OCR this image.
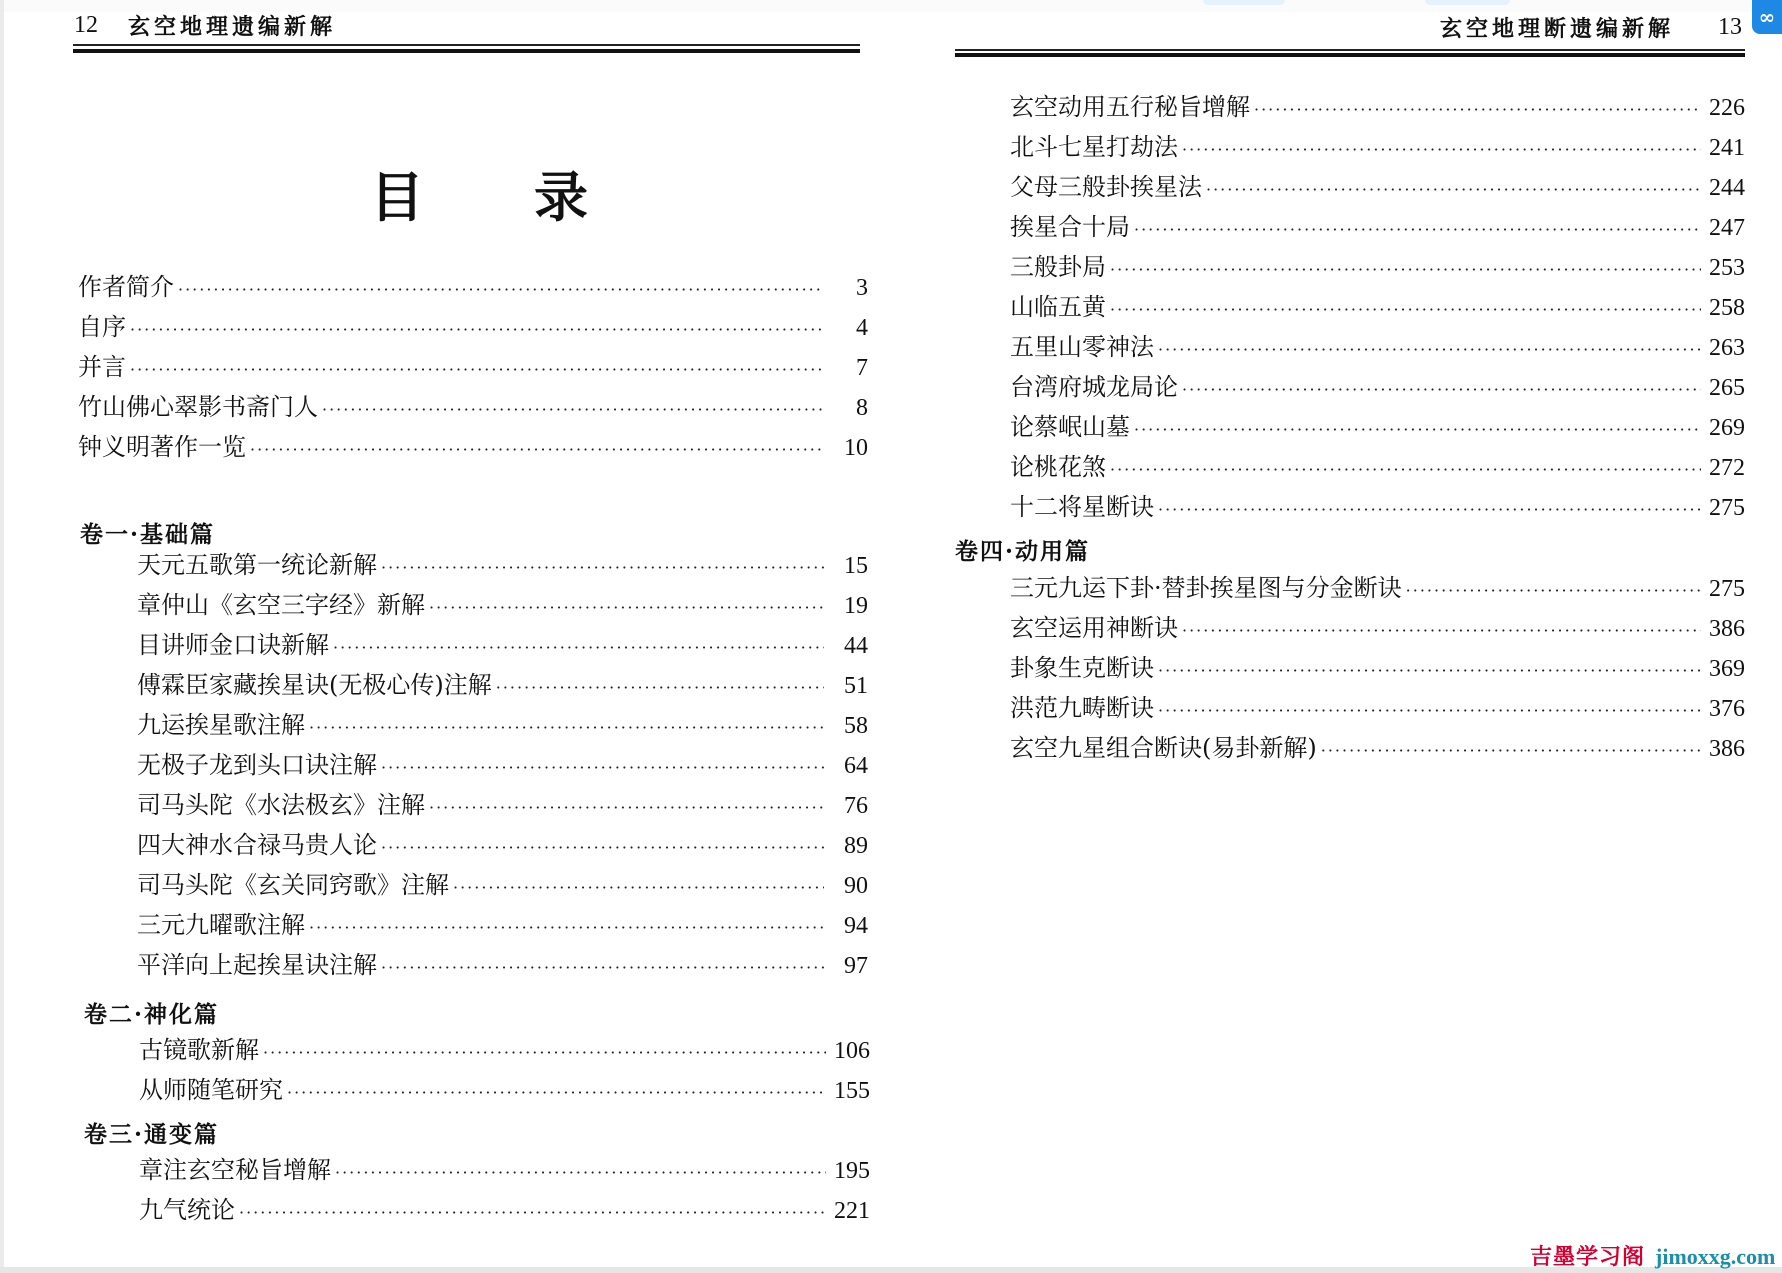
12 玄空地理遗编新解
目录
作者简介 ·····	3
自序 ·····	4
并言 ·····	7
竹山佛心翠影书斋门人 ·····	8
钟义明著作一览 ·····	10
卷一·基础篇
天元五歌第一统论新解 ·····	15
章仲山《玄空三字经》新解 ·····	19
目讲师金口诀新解 ·····	44
傅霖臣家藏挨星诀(无极心传)注解 ·····	51
九运挨星歌注解 ·····	58
无极子龙到头口诀注解 ·····	64
司马头陀《水法极玄》注解 ·····	76
四大神水合禄马贵人论 ·····	89
司马头陀《玄关同窍歌》注解 ·····	90
三元九曜歌注解 ·····	94
平洋向上起挨星诀注解 ·····	97
卷二·神化篇
古镜歌新解 ·····	106
从师随笔研究 ·····	155
卷三·通变篇
章注玄空秘旨增解 ·····	195
九气统论 ·····	221
玄空地理断遗编新解 13
玄空动用五行秘旨增解 ·····	226
北斗七星打劫法 ·····	241
父母三般卦挨星法 ·····	244
挨星合十局 ·····	247
三般卦局 ·····	253
山临五黄 ·····	258
五里山零神法 ·····	263
台湾府城龙局论 ·····	265
论蔡岷山墓 ·····	269
论桃花煞 ·····	272
十二将星断诀 ·····	275
卷四·动用篇
三元九运下卦·替卦挨星图与分金断诀 ·····	275
玄空运用神断诀 ·····	386
卦象生克断诀 ·····	369
洪范九畴断诀 ·····	376
玄空九星组合断诀(易卦新解) ·····	386
∞
吉墨学习阁 jimoxxg.com
